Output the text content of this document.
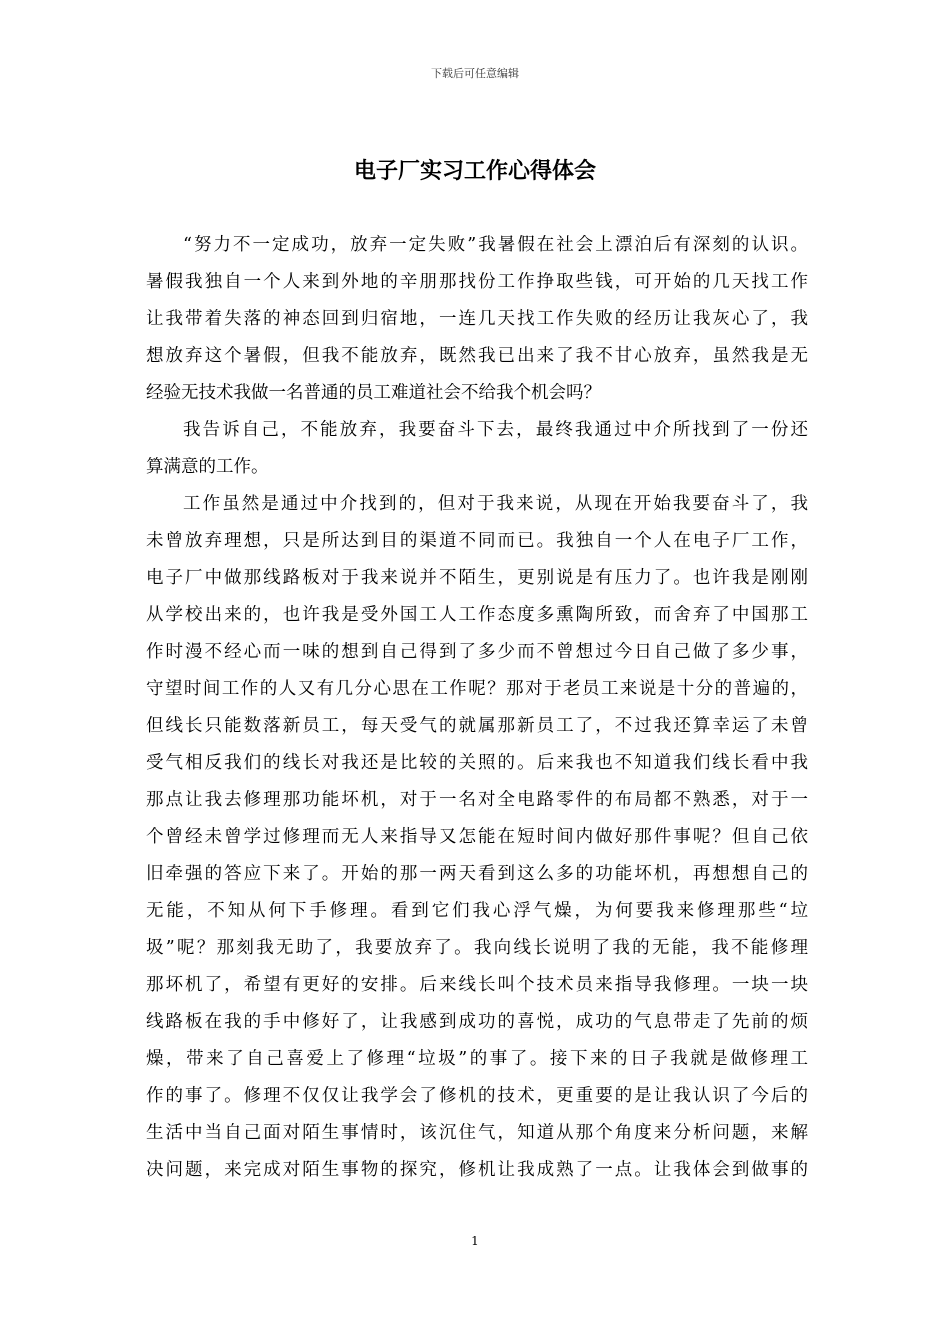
下载后可任意编辑
电子厂实习工作心得体会
“努力不一定成功，放弃一定失败”我暑假在社会上漂泊后有深刻的认识。
暑假我独自一个人来到外地的辛朋那找份工作挣取些钱，可开始的几天找工作
让我带着失落的神态回到归宿地，一连几天找工作失败的经历让我灰心了，我
想放弃这个暑假，但我不能放弃，既然我已出来了我不甘心放弃，虽然我是无
经验无技术我做一名普通的员工难道社会不给我个机会吗？
我告诉自己，不能放弃，我要奋斗下去，最终我通过中介所找到了一份还
算满意的工作。
工作虽然是通过中介找到的，但对于我来说，从现在开始我要奋斗了，我
未曾放弃理想，只是所达到目的渠道不同而已。我独自一个人在电子厂工作，
电子厂中做那线路板对于我来说并不陌生，更别说是有压力了。也许我是刚刚
从学校出来的，也许我是受外国工人工作态度多熏陶所致，而舍弃了中国那工
作时漫不经心而一味的想到自己得到了多少而不曾想过今日自己做了多少事，
守望时间工作的人又有几分心思在工作呢？那对于老员工来说是十分的普遍的，
但线长只能数落新员工，每天受气的就属那新员工了，不过我还算幸运了未曾
受气相反我们的线长对我还是比较的关照的。后来我也不知道我们线长看中我
那点让我去修理那功能坏机，对于一名对全电路零件的布局都不熟悉，对于一
个曾经未曾学过修理而无人来指导又怎能在短时间内做好那件事呢？但自己依
旧牵强的答应下来了。开始的那一两天看到这么多的功能坏机，再想想自己的
无能，不知从何下手修理。看到它们我心浮气燥，为何要我来修理那些“垃
圾”呢？那刻我无助了，我要放弃了。我向线长说明了我的无能，我不能修理
那坏机了，希望有更好的安排。后来线长叫个技术员来指导我修理。一块一块
线路板在我的手中修好了，让我感到成功的喜悦，成功的气息带走了先前的烦
燥，带来了自己喜爱上了修理“垃圾”的事了。接下来的日子我就是做修理工
作的事了。修理不仅仅让我学会了修机的技术，更重要的是让我认识了今后的
生活中当自己面对陌生事情时，该沉住气，知道从那个角度来分析问题，来解
决问题，来完成对陌生事物的探究，修机让我成熟了一点。让我体会到做事的
1
